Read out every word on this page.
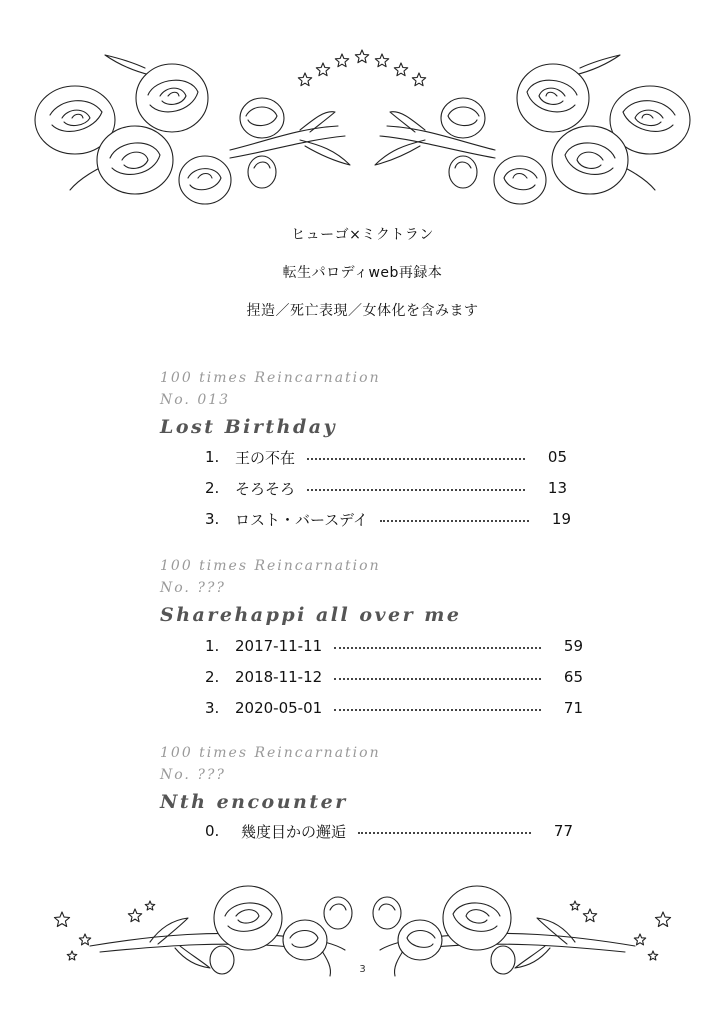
ヒューゴ×ミクトラン
転生パロディweb再録本
捏造／死亡表現／女体化を含みます
100 times Reincarnation
No. 013
Lost Birthday
1.	王の不在	05
2.	そろそろ	13
3.	ロスト・バースデイ	19
100 times Reincarnation
No. ???
Sharehappi all over me
1.	2017-11-11	59
2.	2018-11-12	65
3.	2020-05-01	71
100 times Reincarnation
No. ???
Nth encounter
0.	幾度目かの邂逅	77
3
